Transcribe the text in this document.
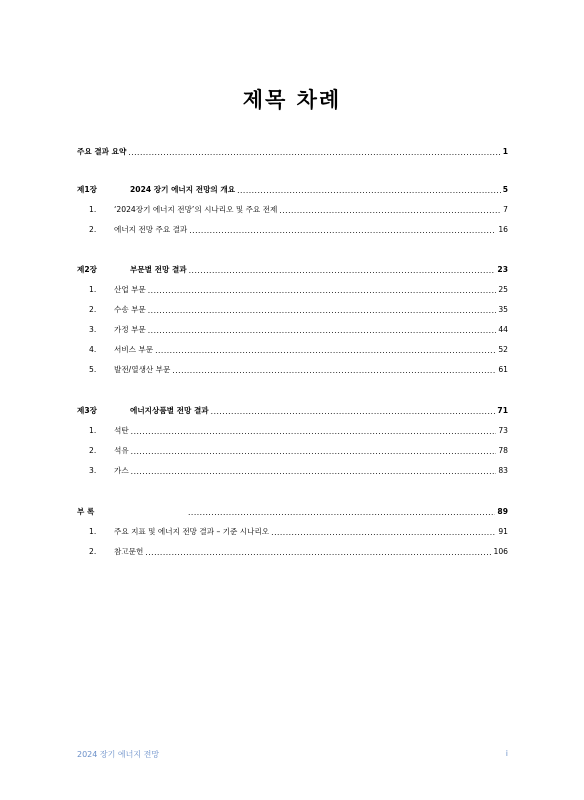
제목 차례
주요 결과 요약 .....	1
제1장	2024 장기 에너지 전망의 개요 .....	5
1.	‘2024장기 에너지 전망’의 시나리오 및 주요 전제 .....	7
2.	에너지 전망 주요 결과 .....	16
제2장	부문별 전망 결과 .....	23
1.	산업 부문 .....	25
2.	수송 부문 .....	35
3.	가정 부문 .....	44
4.	서비스 부문 .....	52
5.	발전/열생산 부문 .....	61
제3장	에너지상품별 전망 결과 .....	71
1.	석탄 .....	73
2.	석유 .....	78
3.	가스 .....	83
부 록 .....	89
1.	주요 지표 및 에너지 전망 결과 – 기준 시나리오 .....	91
2.	참고문헌 .....	106
2024 장기 에너지 전망	i
